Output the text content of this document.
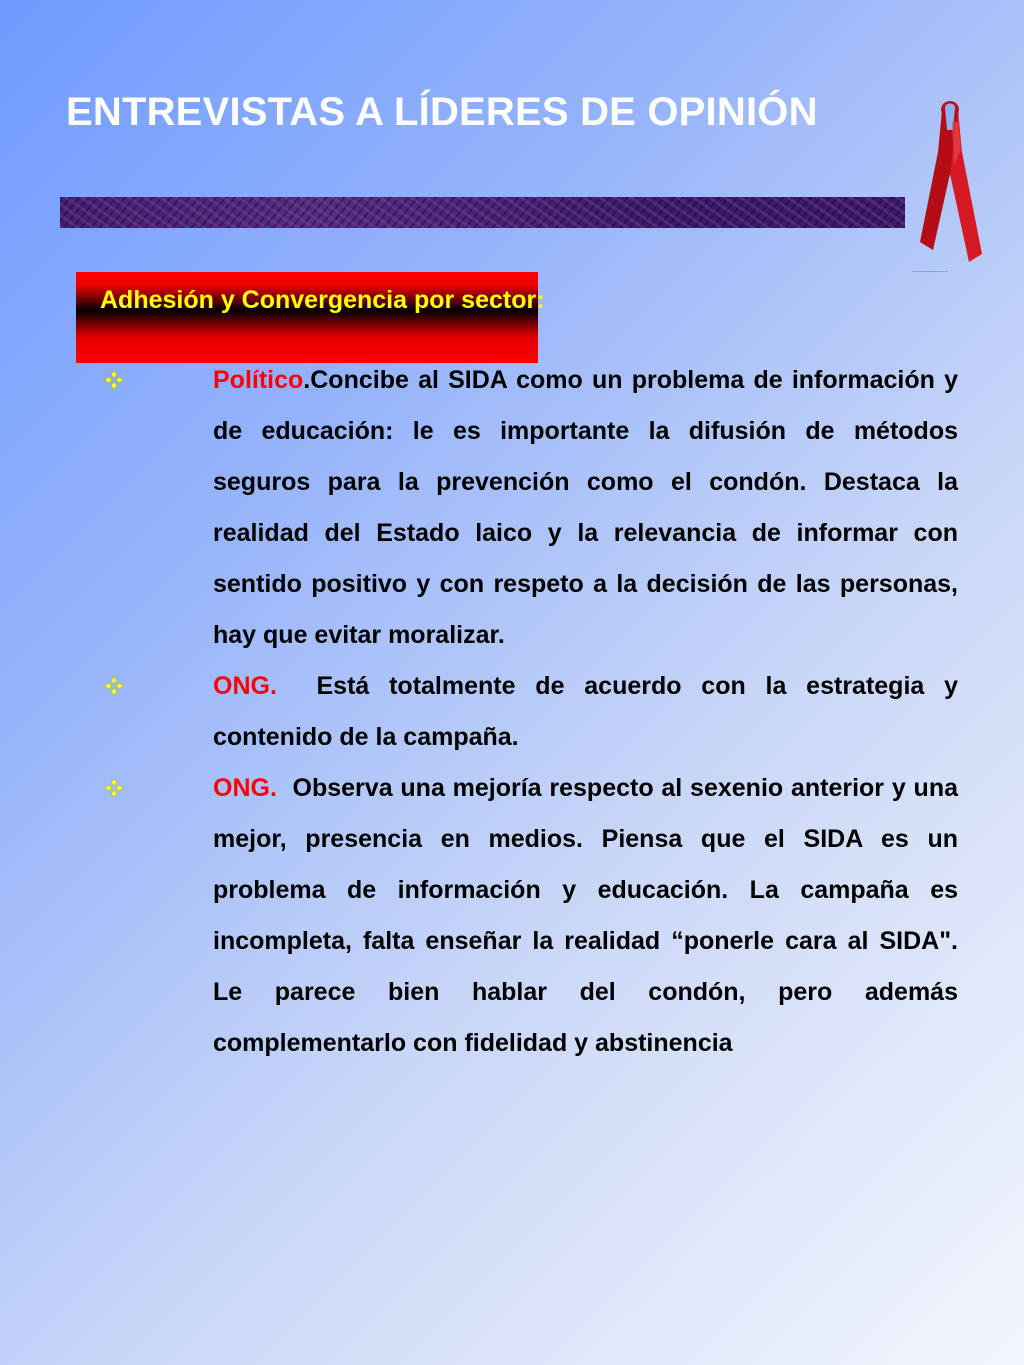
ENTREVISTAS A LÍDERES DE OPINIÓN
Adhesión y Convergencia por sector:
Político.Concibe al SIDA como un problema de información y de educación: le es importante la difusión de métodos seguros para la prevención como el condón. Destaca la realidad del Estado laico y la relevancia de informar con sentido positivo y con respeto a la decisión de las personas, hay que evitar moralizar.
ONG. Está totalmente de acuerdo con la estrategia y contenido de la campaña.
ONG. Observa una mejoría respecto al sexenio anterior y una mejor, presencia en medios. Piensa que el SIDA es un problema de información y educación. La campaña es incompleta, falta enseñar la realidad “ponerle cara al SIDA". Le parece bien hablar del condón, pero además complementarlo con fidelidad y abstinencia
